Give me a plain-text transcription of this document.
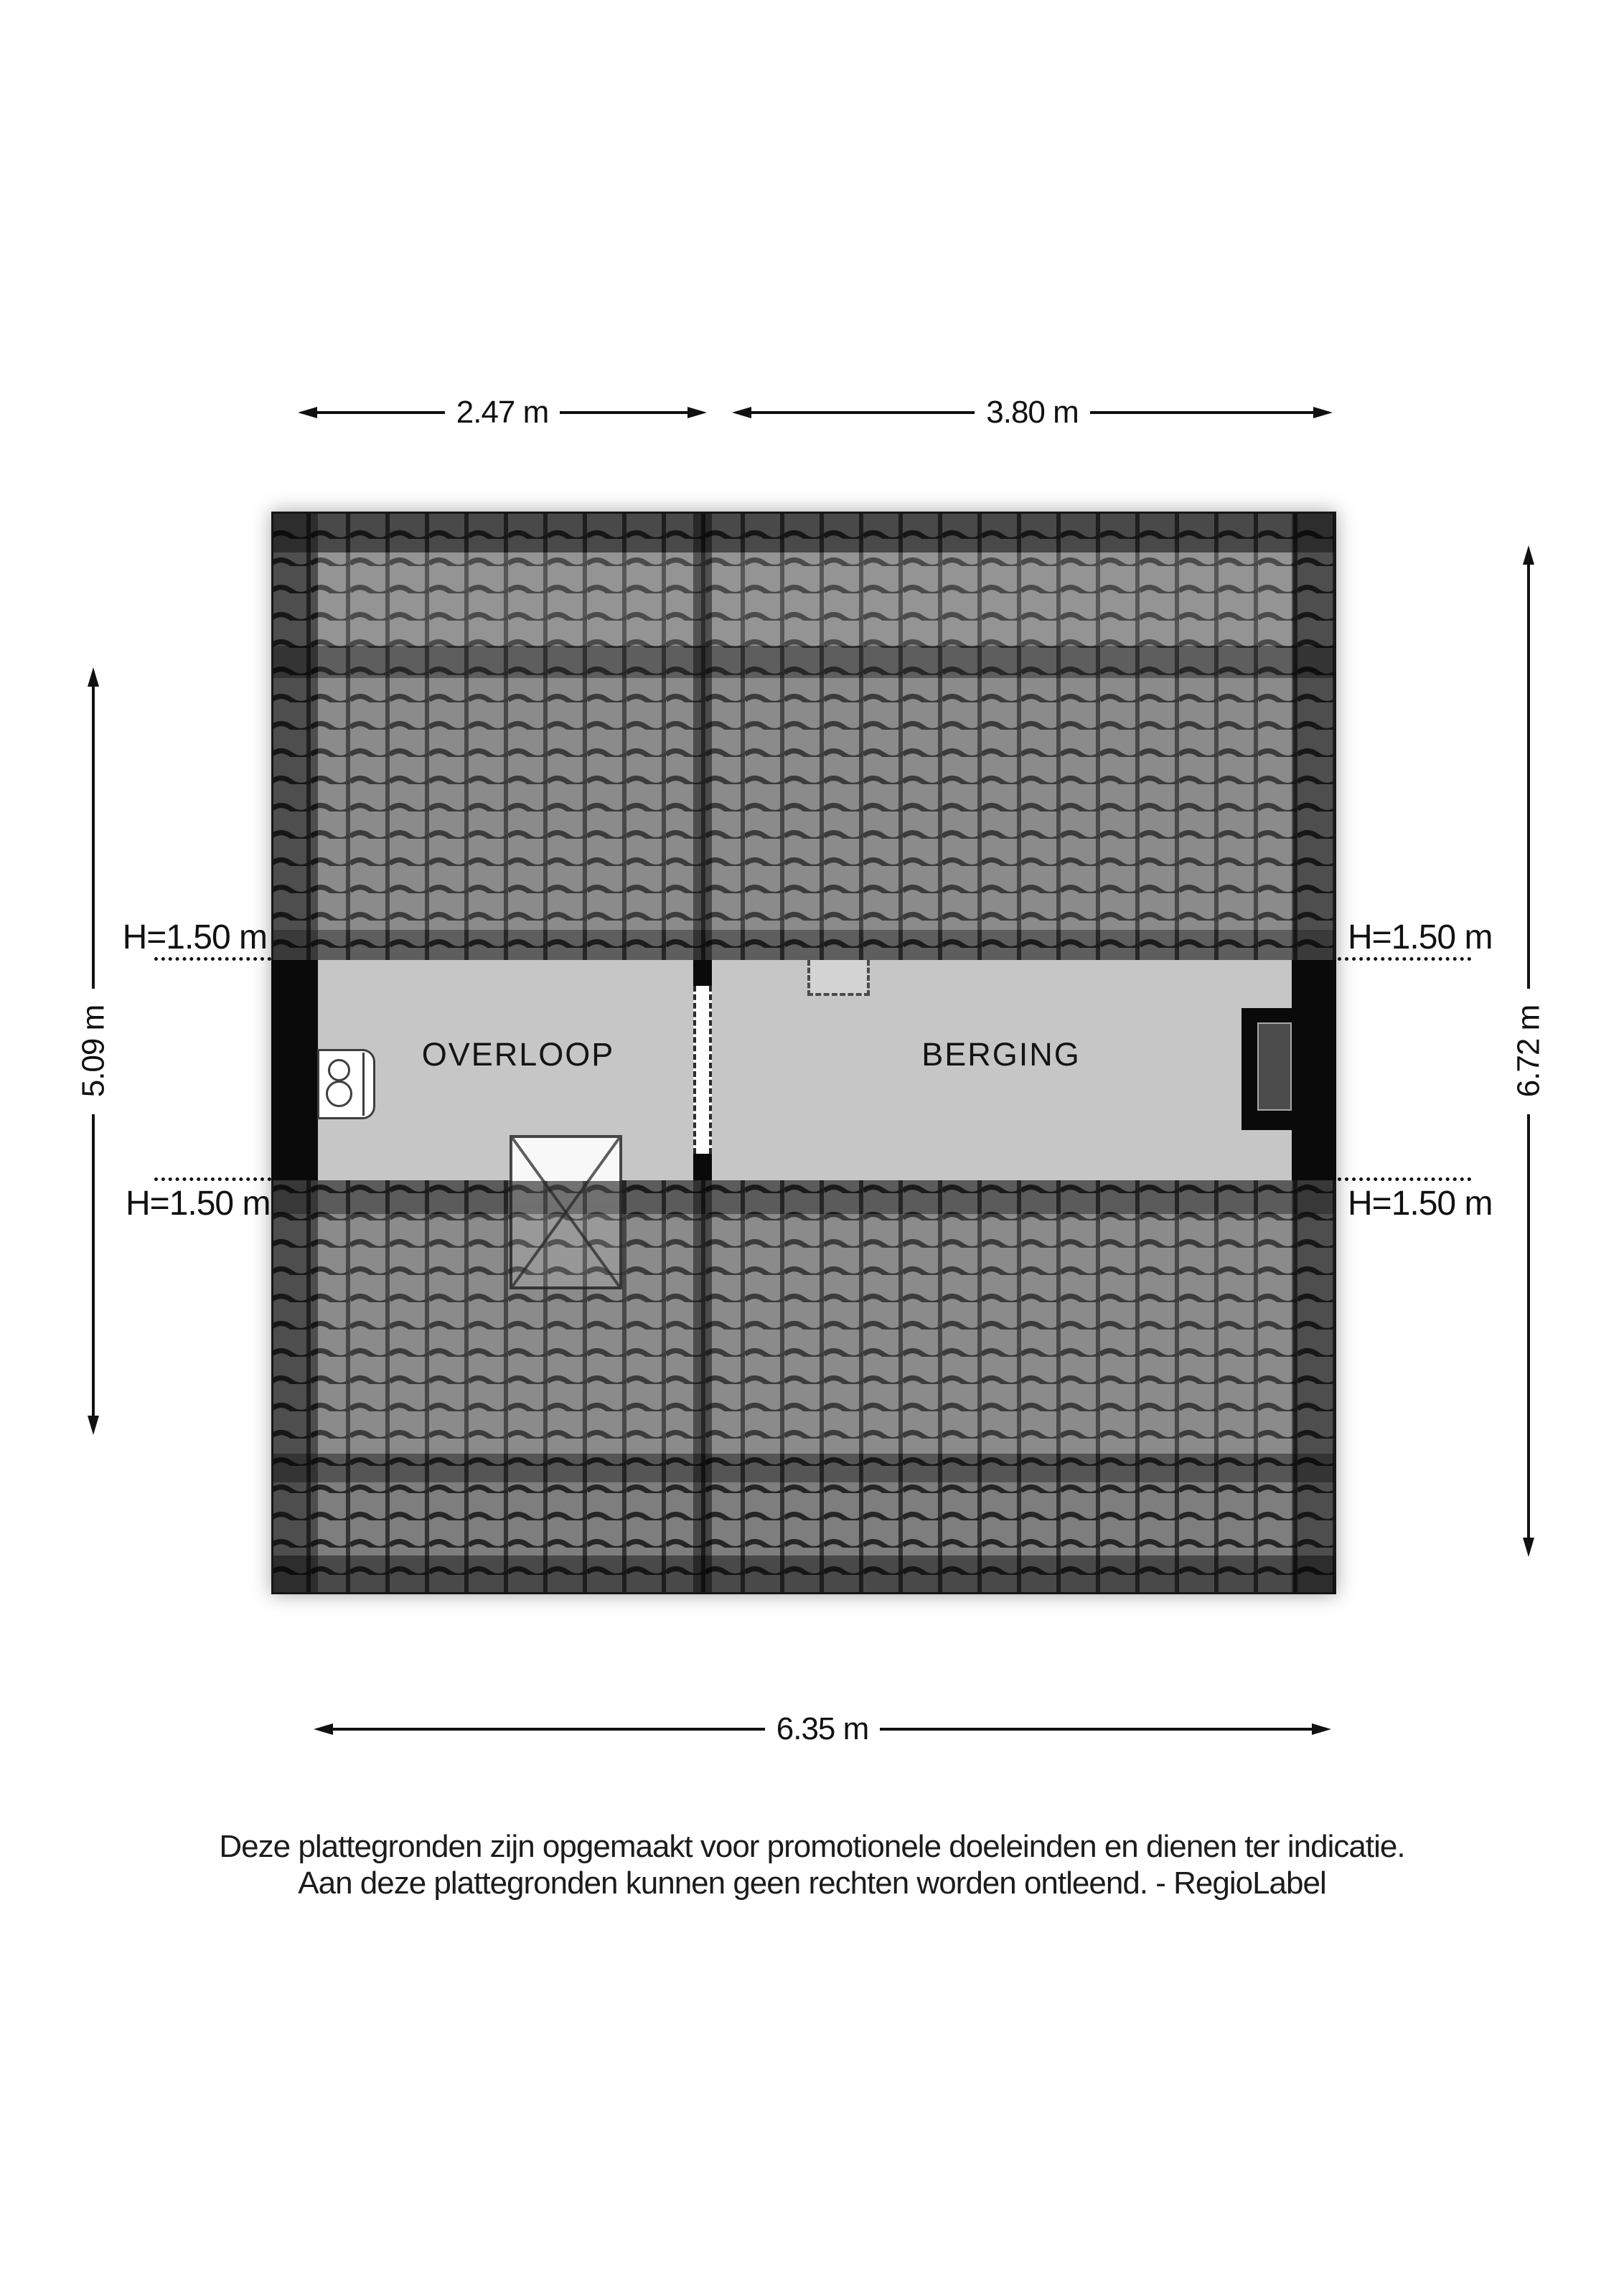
OVERLOOP	BERGING
2.47 m	3.80 m
6.35 m
5.09 m	6.72 m
H=1.50 m	H=1.50 m
H=1.50 m	H=1.50 m
Deze plattegronden zijn opgemaakt voor promotionele doeleinden en dienen ter indicatie.
Aan deze plattegronden kunnen geen rechten worden ontleend. - RegioLabel
